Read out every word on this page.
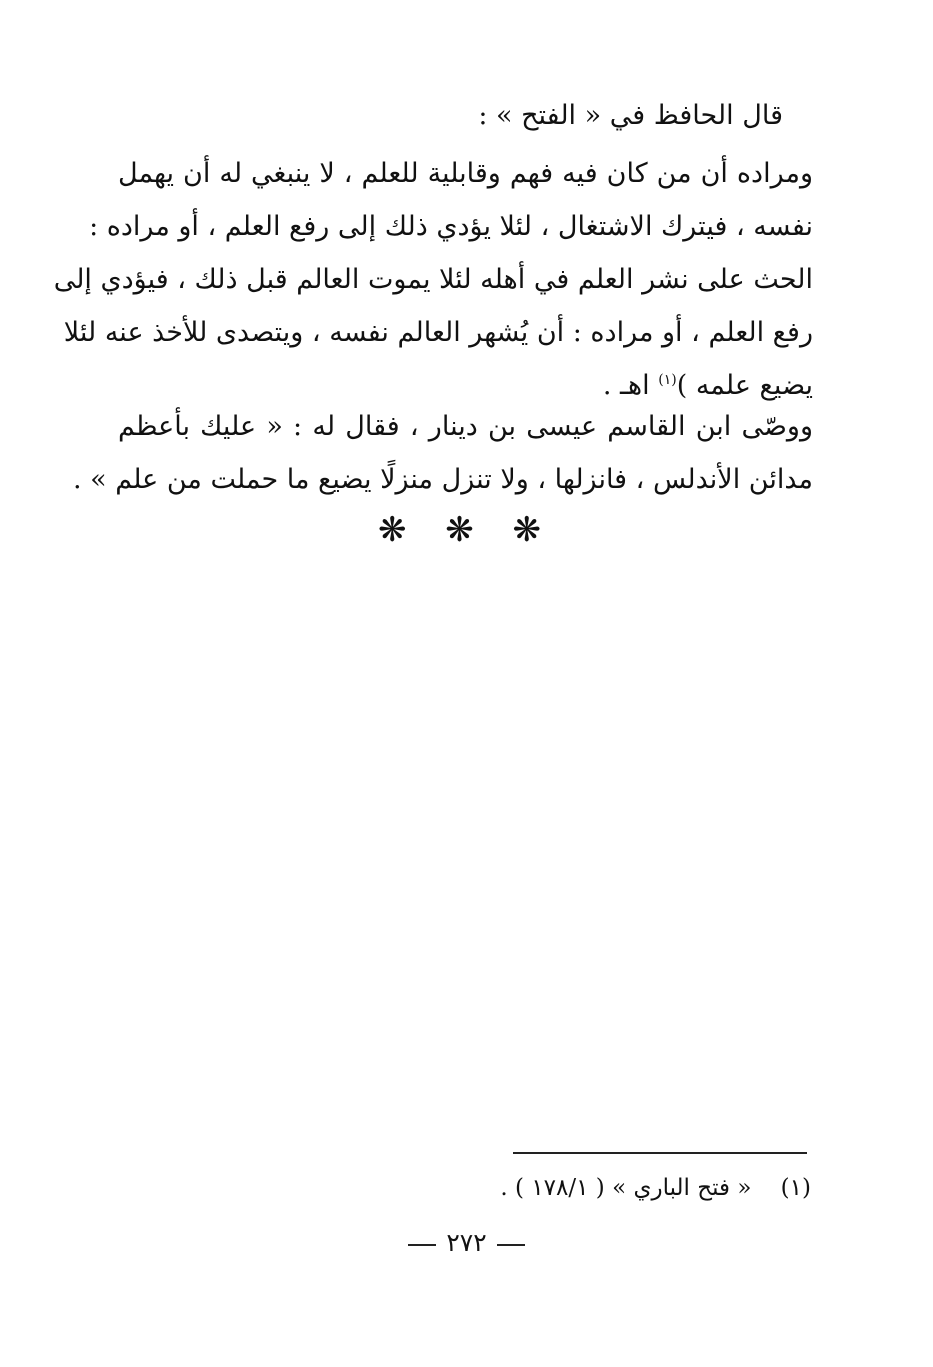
قال الحافظ في « الفتح » :
ومراده أن من كان فيه فهم وقابلية للعلم ، لا ينبغي له أن يهمل
نفسه ، فيترك الاشتغال ، لئلا يؤدي ذلك إلى رفع العلم ، أو مراده :
الحث على نشر العلم في أهله لئلا يموت العالم قبل ذلك ، فيؤدي إلى
رفع العلم ، أو مراده : أن يُشهر العالم نفسه ، ويتصدى للأخذ عنه لئلا
يضيع علمه )$^{(١)}$ اهـ .
ووصّى ابن القاسم عيسى بن دينار ، فقال له : « عليك بأعظم
مدائن الأندلس ، فانزلها ، ولا تنزل منزلًا يضيع ما حملت من علم » .
❋ ❋ ❋
(١)    « فتح الباري » ( ١٧٨/١ ) .
٢٧٢
